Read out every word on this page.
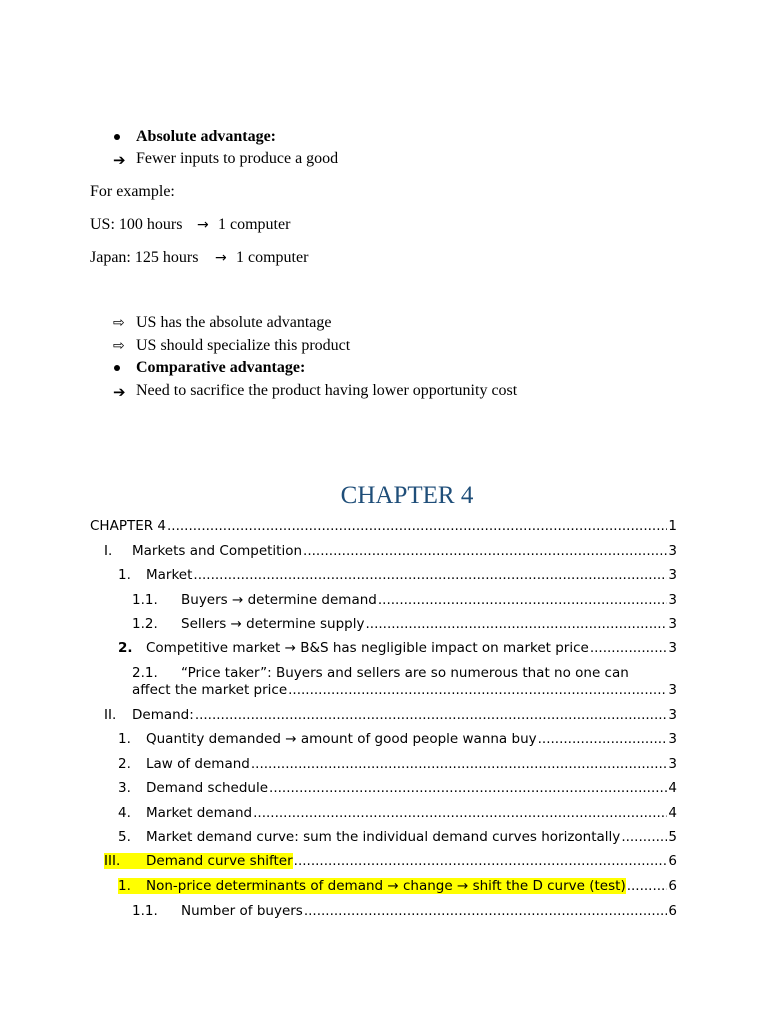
Absolute advantage:
➔ Fewer inputs to produce a good
For example:
US: 100 hours → 1 computer
Japan: 125 hours → 1 computer
⇨ US has the absolute advantage
⇨ US should specialize this product
Comparative advantage:
➔ Need to sacrifice the product having lower opportunity cost
CHAPTER 4
CHAPTER 4 .....	1
I.	Markets and Competition .....	3
1.	Market .....	3
1.1.	Buyers → determine demand .....	3
1.2.	Sellers → determine supply .....	3
2. Competitive market → B&S has negligible impact on market price .....	3
2.1. “Price taker”: Buyers and sellers are so numerous that no one can
affect the market price .....	3
II.	Demand: .....	3
1.	Quantity demanded → amount of good people wanna buy .....	3
2.	Law of demand .....	3
3.	Demand schedule .....	4
4.	Market demand .....	4
5.	Market demand curve: sum the individual demand curves horizontally .....	5
III.	Demand curve shifter .....	6
1.	Non-price determinants of demand → change → shift the D curve (test) .....	6
1.1.	Number of buyers .....	6
